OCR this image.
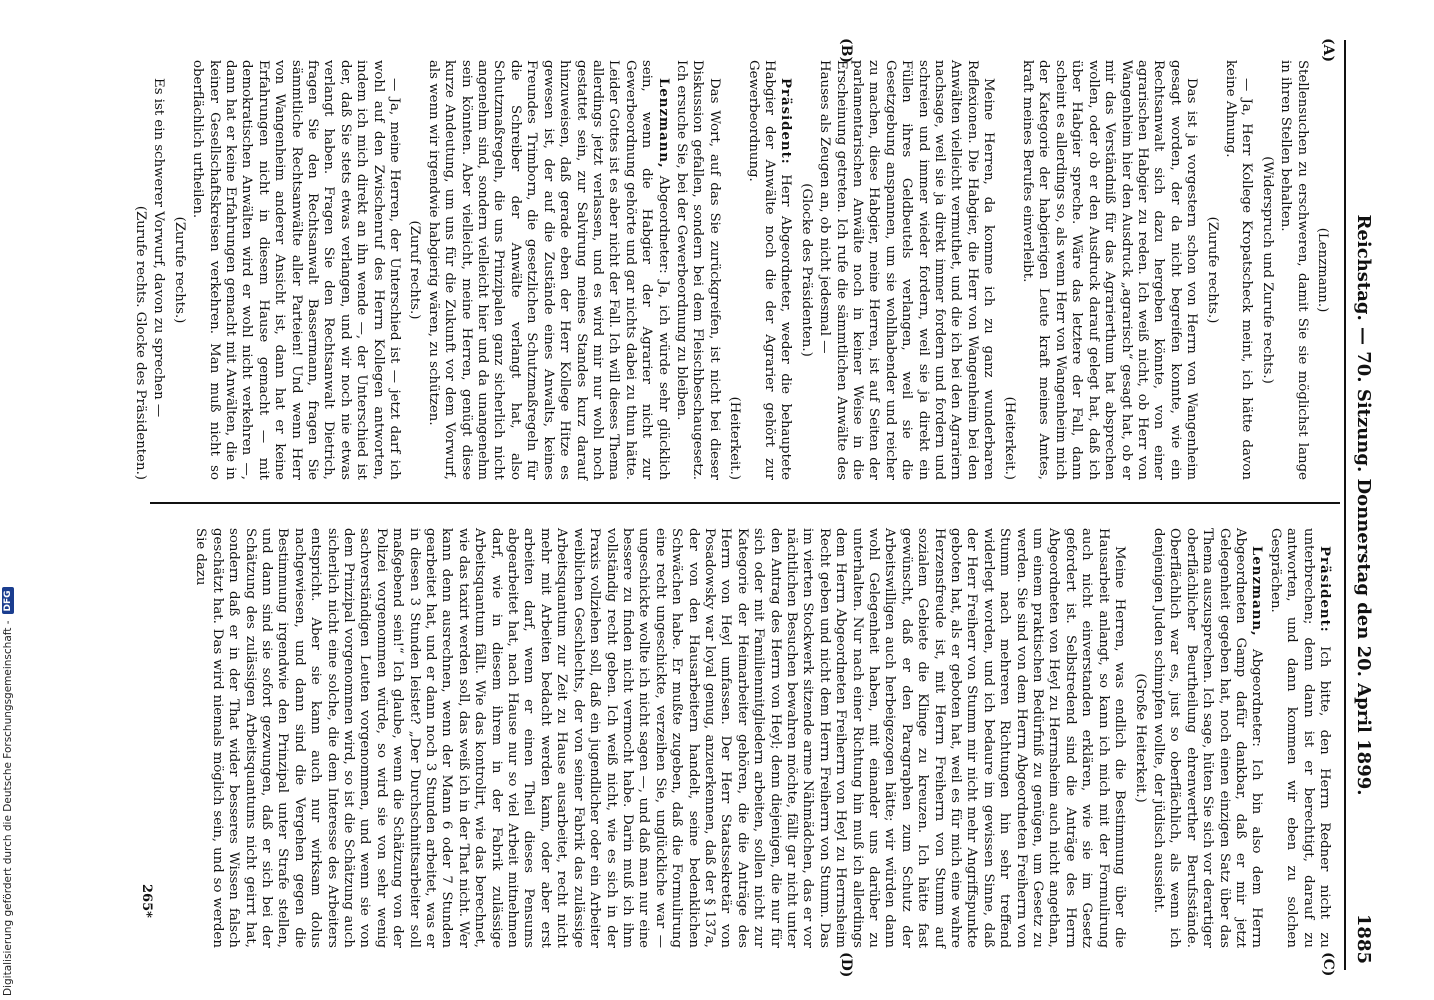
Digitalisierung gefördert durch die Deutsche Forschungsgemeinschaft -
DFG	Reichstag. — 70. Sitzung. Donnerstag den 20. April 1899.
1885
(A)
(B)
(C)
(D)

(Lenzmann.)

Stellensuchen zu erschweren, damit Sie sie möglichst lange in ihren Stellen behalten.

(Widerspruch und Zurufe rechts.)

— Ja, Herr Kollege Kropatscheck meint, ich hätte davon keine Ahnung.

(Zurufe rechts.)

Das ist ja vorgestern schon von Herrn von Wangenheim gesagt worden, der da nicht begreifen konnte, wie ein Rechtsanwalt sich dazu hergeben könnte, von einer agrarischen Habgier zu reden. Ich weiß nicht, ob Herr von Wangenheim hier den Ausdruck „agrarisch“ gesagt hat, ob er mir das Verständniß für das Agrarierthum hat absprechen wollen, oder ob er den Ausdruck darauf gelegt hat, daß ich über Habgier spreche. Wäre das letztere der Fall, dann scheint es allerdings so, als wenn Herr von Wangenheim mich der Kategorie der habgierigen Leute kraft meines Amtes, kraft meines Berufes einverleibt.

(Heiterkeit.)

Meine Herren, da komme ich zu ganz wunderbaren Reflexionen. Die Habgier, die Herr von Wangenheim bei den Anwälten vielleicht vermuthet, und die ich bei den Agrariern nachsage, weil sie ja direkt immer fordern und fordern und schreien und immer wieder fordern, weil sie ja direkt ein Füllen ihres Geldbeutels verlangen, weil sie die Gesetzgebung anspannen, um sie wohlhabender und reicher zu machen, diese Habgier, meine Herren, ist auf Seiten der parlamentarischen Anwälte noch in keiner Weise in die Erscheinung getreten. Ich rufe die sämmtlichen Anwälte des Hauses als Zeugen an, ob nicht jedesmal —

(Glocke des Präsidenten.)

Präsident: Herr Abgeordneter, weder die behauptete Habgier der Anwälte noch die der Agrarier gehört zur Gewerbeordnung.

(Heiterkeit.)

Das Wort, auf das Sie zurückgreifen, ist nicht bei dieser Diskussion gefallen, sondern bei dem Fleischbeschaugesetz. Ich ersuche Sie, bei der Gewerbeordnung zu bleiben.

Lenzmann, Abgeordneter: Ja, ich würde sehr glücklich sein, wenn die Habgier der Agrarier nicht zur Gewerbeordnung gehörte und gar nichts dabei zu thun hätte. Leider Gottes ist es aber nicht der Fall. Ich will dieses Thema allerdings jetzt verlassen, und es wird mir nur wohl noch gestattet sein, zur Salvirung meines Standes kurz darauf hinzuweisen, daß gerade eben der Herr Kollege Hitze es gewesen ist, der auf die Zustände eines Anwalts, keines Freundes Trimborn, die gesetzlichen Schutzmaßregeln für die Schreiber der Anwälte verlangt hat, also Schutzmaßregeln, die uns Prinzipalen ganz sicherlich nicht angenehm sind, sondern vielleicht hier und da unangenehm sein könnten. Aber vielleicht, meine Herren, genügt diese kurze Andeutung, um uns für die Zukunft vor dem Vorwurf, als wenn wir irgendwie habgierig wären, zu schützen.

(Zuruf rechts.)

— Ja, meine Herren, der Unterschied ist — jetzt darf ich wohl auf den Zwischenruf des Herrn Kollegen antworten, indem ich mich direkt an ihn wende —, der Unterschied ist der, daß Sie stets etwas verlangen, und wir noch nie etwas verlangt haben. Fragen Sie den Rechtsanwalt Dietrich, fragen Sie den Rechtsanwalt Bassermann, fragen Sie sämmtliche Rechtsanwälte aller Parteien! Und wenn Herr von Wangenheim anderer Ansicht ist, dann hat er keine Erfahrungen nicht in diesem Hause gemacht — mit demokratischen Anwälten wird er wohl nicht verkehren —, dann hat er keine Erfahrungen gemacht mit Anwälten, die in keiner Gesellschaftskreisen verkehren. Man muß nicht so oberflächlich urtheilen.

(Zurufe rechts.)

Es ist ein schwerer Vorwurf, davon zu sprechen —

(Zurufe rechts. Glocke des Präsidenten.)

Präsident: Ich bitte, den Herrn Redner nicht zu unterbrechen; denn dann ist er berechtigt, darauf zu antworten, und dann kommen wir eben zu solchen Gesprächen.

Lenzmann, Abgeordneter: Ich bin also dem Herrn Abgeordneten Gamp dafür dankbar, daß er mir jetzt Gelegenheit gegeben hat, noch einen einzigen Satz über das Thema auszusprechen. Ich sage, hüten Sie sich vor derartiger oberflächlicher Beurtheilung ehrenwerther Berufsstände. Oberflächlich war es, just so oberflächlich, als wenn ich denjenigen Juden schimpfen wollte, der jüdisch aussieht.

(Große Heiterkeit.)

Meine Herren, was endlich die Bestimmung über die Hausarbeit anlangt, so kann ich mich mit der Formulirung auch nicht einverstanden erklären, wie sie im Gesetz gefordert ist. Selbstredend sind die Anträge des Herrn Abgeordneten von Heyl zu Herrnsheim auch nicht angethan, um einem praktischen Bedürfniß zu genügen, um Gesetz zu werden. Sie sind von dem Herrn Abgeordneten Freiherrn von Stumm nach mehreren Richtungen hin sehr treffend widerlegt worden, und ich bedaure im gewissen Sinne, daß der Herr Freiherr von Stumm mir nicht mehr Angriffspunkte geboten hat, als er geboten hat, weil es für mich eine wahre Herzensfreude ist, mit Herrn Freiherrn von Stumm auf sozialem Gebiete die Klinge zu kreuzen. Ich hätte fast gewünscht, daß er den Paragraphen zum Schutz der Arbeitswilligen auch herbeigezogen hätte; wir würden dann wohl Gelegenheit haben, mit einander uns darüber zu unterhalten. Nur nach einer Richtung hin muß ich allerdings dem Herrn Abgeordneten Freiherrn von Heyl zu Herrnsheim Recht geben und nicht dem Herrn Freiherrn von Stumm. Das im vierten Stockwerk sitzende arme Nähmädchen, das er vor nächtlichen Besuchen bewahren möchte, fällt gar nicht unter den Antrag des Herrn von Heyl; denn diejenigen, die nur für sich oder mit Familienmitgliedern arbeiten, sollen nicht zur Kategorie der Heimarbeiter gehören, die die Anträge des Herrn von Heyl umfassen. Der Herr Staatssekretär von Posadowsky war loyal genug, anzuerkennen, daß der § 137a, der von den Hausarbeitern handelt, seine bedenklichen Schwächen habe. Er mußte zugeben, daß die Formulirung eine recht ungeschickte, verzeihen Sie, unglückliche war — ungeschickte wollte ich nicht sagen —, und daß man nur eine bessere zu finden nicht vermocht habe. Darin muß ich ihm vollständig recht geben. Ich weiß nicht, wie es sich in der Praxis vollziehen soll, daß ein jugendlicher oder ein Arbeiter weiblichen Geschlechts, der von seiner Fabrik das zulässige Arbeitsquantum zur Zeit zu Hause ausarbeitet, recht nicht mehr mit Arbeiten bedacht werden kann, oder aber erst arbeiten darf, wenn er einen Theil dieses Pensums abgearbeitet hat, nach Hause nur so viel Arbeit mitnehmen darf, wie in diesem ihrem in der Fabrik zulässige Arbeitsquantum fällt. Wie das kontrolirt, wie das berechnet, wie das taxirt werden soll, das weiß ich in der That nicht. Wer kann denn ausrechnen, wenn der Mann 6 oder 7 Stunden gearbeitet hat, und er dann noch 3 Stunden arbeitet, was er in diesen 3 Stunden leistet? „Der Durchschnittsarbeiter soll maßgebend sein!“ Ich glaube, wenn die Schätzung von der Polizei vorgenommen würde, so wird sie von sehr wenig sachverständigen Leuten vorgenommen, und wenn sie von dem Prinzipal vorgenommen wird, so ist die Schätzung auch sicherlich nicht eine solche, die dem Interesse des Arbeiters entspricht. Aber sie kann auch nur wirksam dolus nachgewiesen, und dann sind die Vergehen gegen die Bestimmung irgendwie den Prinzipal unter Strafe stellen, und dann sind sie sofort gezwungen, daß er sich bei der Schätzung des zulässigen Arbeitsquantums nicht geirrt hat, sondern daß er in der That wider besseres Wissen falsch geschätzt hat. Das wird niemals möglich sein, und so werden Sie dazu

265*
